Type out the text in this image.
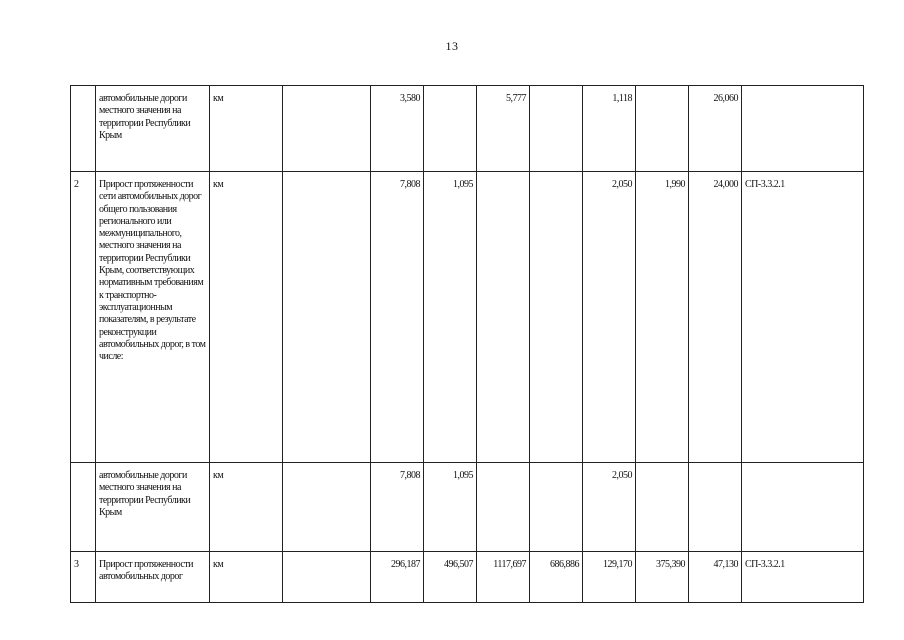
13
	автомобильные дороги местного значения на территории Республики Крым	км		3,580		5,777		1,118		26,060	
2	Прирост протяженности сети автомобильных дорог общего пользования регионального или межмуниципального, местного значения на территории Республики Крым, соответствующих нормативным требованиям к транспортно-эксплуатационным показателям, в результате реконструкции автомобильных дорог, в том числе:	км		7,808	1,095			2,050	1,990	24,000	СП-3.3.2.1
	автомобильные дороги местного значения на территории Республики Крым	км		7,808	1,095			2,050			
3	Прирост протяженности автомобильных дорог	км		296,187	496,507	1117,697	686,886	129,170	375,390	47,130	СП-3.3.2.1
